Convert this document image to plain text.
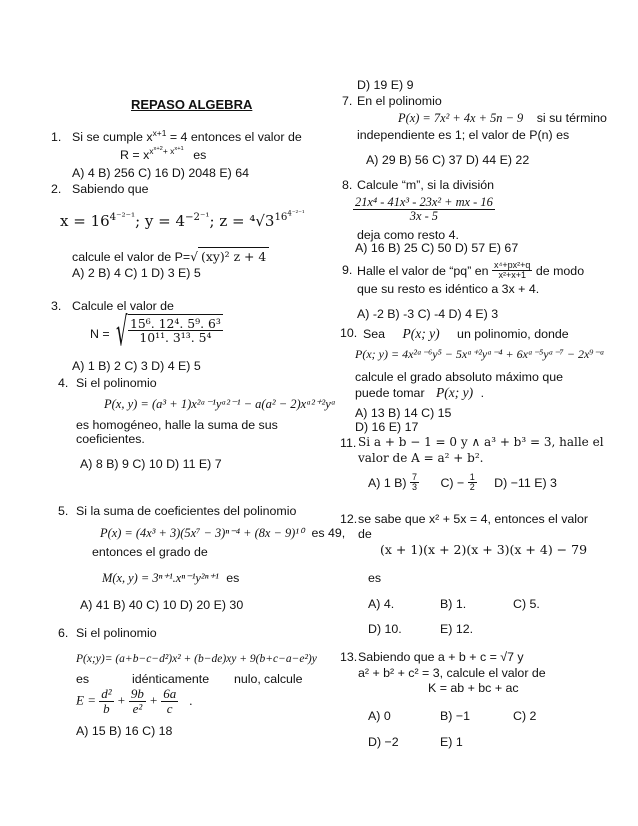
REPASO ALGEBRA
1. Si se cumple $x^{x+1} = 4$ entonces el valor de
$R = x^{x^{x+2}+ x^{x+1}}$ es
A) 4 B) 256 C) 16 D) 2048 E) 64
2. Sabiendo que
$x = 16^{4^{-2-1}}$; $y = 4^{-2^{-1}}$; $z = ^4√3^{16^{4^{-2-1}}}$
calcule el valor de P=√ (xy)² z + 4
A) 2 B) 4 C) 1 D) 3 E) 5
3. Calcule el valor de
N = √ $\frac{\text{15⁶. 12⁴. 5⁹. 6³}}{\text{10¹¹. 3¹³. 5⁴}}$
A) 1 B) 2 C) 3 D) 4 E) 5
4. Si el polinomio
P(x, y) = (a³ + 1)x²ᵃ⁻¹yᵃ²⁻¹ − a(a² − 2)xᵃ²⁺²yᵃ
es homogéneo, halle la suma de sus
coeficientes.
A) 8 B) 9 C) 10 D) 11 E) 7
5. Si la suma de coeficientes del polinomio
P(x) = (4x³ + 3)(5x⁷ − 3)ⁿ⁻⁴ + (8x − 9)¹⁰ es 49,
entonces el grado de
M(x, y) = 3ⁿ⁺¹.xⁿ⁻¹y²ⁿ⁺¹ es
A) 41 B) 40 C) 10 D) 20 E) 30
6. Si el polinomio
P(x;y)= (a+b−c−d²)x² + (b−de)xy + 9(b+c−a−e²)y
es	idénticamente nulo, calcule
$E = \frac{\text{d²}}{b} + \frac{9b}{\text{e²}} + \frac{6a}{c}$ .
A) 15 B) 16 C) 18
D) 19 E) 9
7. En el polinomio
P(x) = 7x² + 4x + 5n − 9 si su término
independiente es 1; el valor de P(n) es
A) 29 B) 56 C) 37 D) 44 E) 22
8. Calcule “m”, si la división
$\frac{\text{21x⁴ - 41x³ - 23x² + mx - 16}}{3x - 5}$
deja como resto 4.
A) 16 B) 25 C) 50 D) 57 E) 67
9. Halle el valor de “pq” en $\frac{\text{x⁴+px²+q}}{\text{x²+x+1}}$ de modo
que su resto es idéntico a 3x + 4.
A) -2 B) -3 C) -4 D) 4 E) 3
10. Sea P(x; y) un polinomio, donde
P(x; y) = 4x²ᵃ⁻⁶y⁵ − 5xᵃ⁺²yᵃ⁻⁴ + 6xᵃ⁻⁵yᵃ⁻⁷ − 2x⁹⁻ᵃ
calcule el grado absoluto máximo que
puede tomar P(x; y) .
A) 13 B) 14 C) 15
D) 16 E) 17
11. Si a + b − 1 = 0 y ∧ a³ + b³ = 3, halle el
valor de A = a² + b².
A) 1 $B) \frac{7}{3} C) - \frac{1}{2} D) -11$ E) 3
12. se sabe que x² + 5x = 4, entonces el valor
de
(x + 1)(x + 2)(x + 3)(x + 4) − 79
es
A) 4.	B) 1.	C) 5.
D) 10.	E) 12.
13. Sabiendo que a + b + c = √7 y
a² + b² + c² = 3, calcule el valor de
K = ab + bc + ac
A) 0	B) −1	C) 2
D) −2	E) 1
